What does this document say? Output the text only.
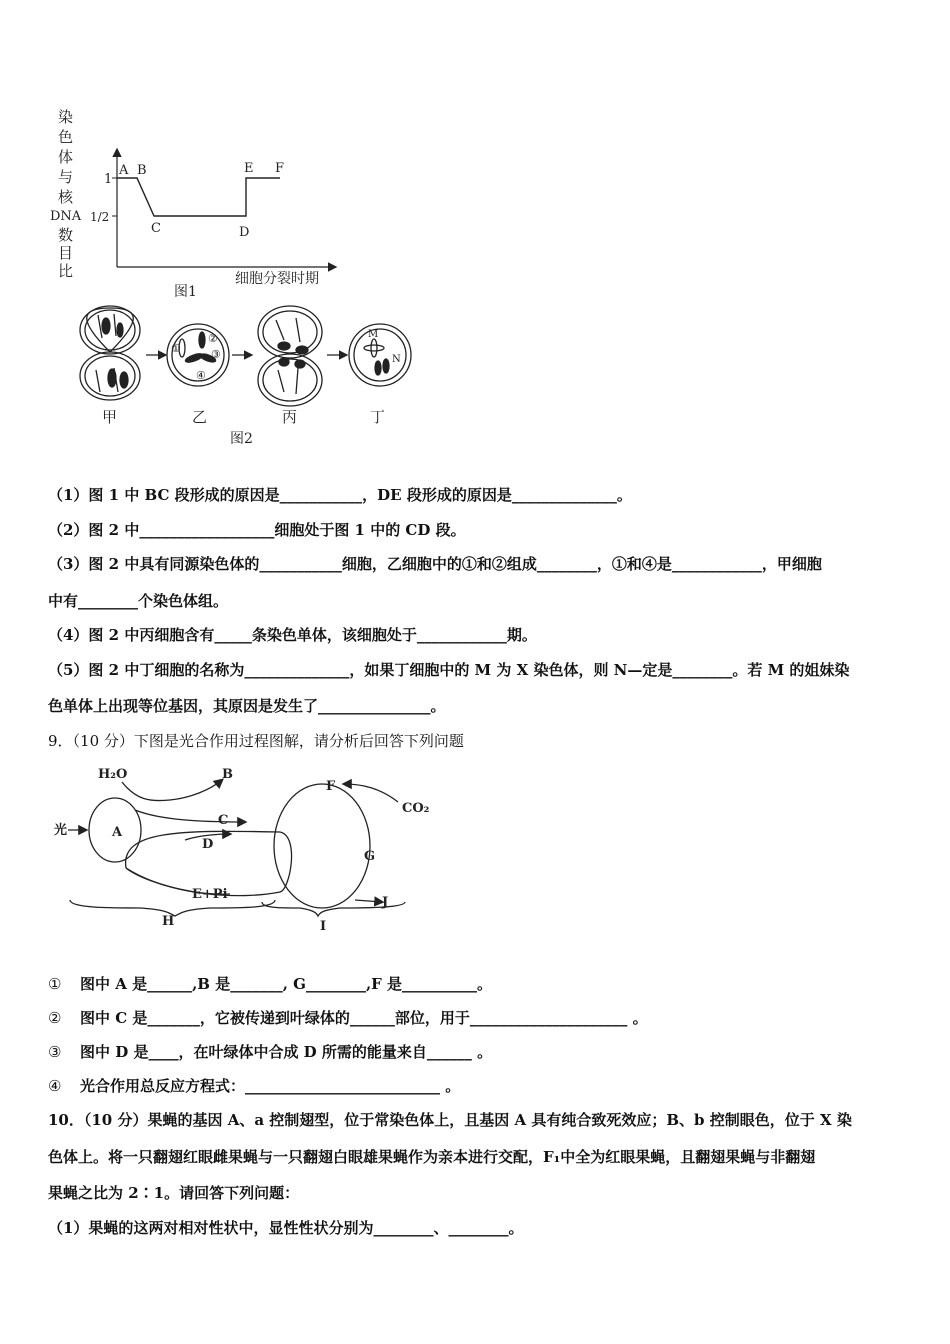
染
色
体
与
核
DNA
数
目
比
1
1/2
A B
C	D
E F
细胞分裂时期
图1
①
②
③
④
M
N
甲	乙	丙	丁
图2
（1）图 1 中 BC 段形成的原因是___________，DE 段形成的原因是______________。
（2）图 2 中__________________细胞处于图 1 中的 CD 段。
（3）图 2 中具有同源染色体的___________细胞，乙细胞中的①和②组成________，①和④是____________，甲细胞
中有________个染色体组。
（4）图 2 中丙细胞含有_____条染色单体，该细胞处于____________期。
（5）图 2 中丁细胞的名称为______________，如果丁细胞中的 M 为 X 染色体，则 N—定是________。若 M 的姐妹染
色单体上出现等位基因，其原因是发生了_______________。
9．（10 分）下图是光合作用过程图解，请分析后回答下列问题
H₂O	B
光	A
C
D
E+Pi
H
F
CO₂
G
J
I
① 图中 A 是______,B 是_______, G________,F 是__________。
② 图中 C 是_______，它被传递到叶绿体的______部位，用于_____________________ 。
③ 图中 D 是____，在叶绿体中合成 D 所需的能量来自______ 。
④ 光合作用总反应方程式：__________________________ 。
10．（10 分）果蝇的基因 A、a 控制翅型，位于常染色体上，且基因 A 具有纯合致死效应；B、b 控制眼色，位于 X 染
色体上。将一只翻翅红眼雌果蝇与一只翻翅白眼雄果蝇作为亲本进行交配，F₁中全为红眼果蝇，且翻翅果蝇与非翻翅
果蝇之比为 2∶1。请回答下列问题：
（1）果蝇的这两对相对性状中，显性性状分别为________、________。
